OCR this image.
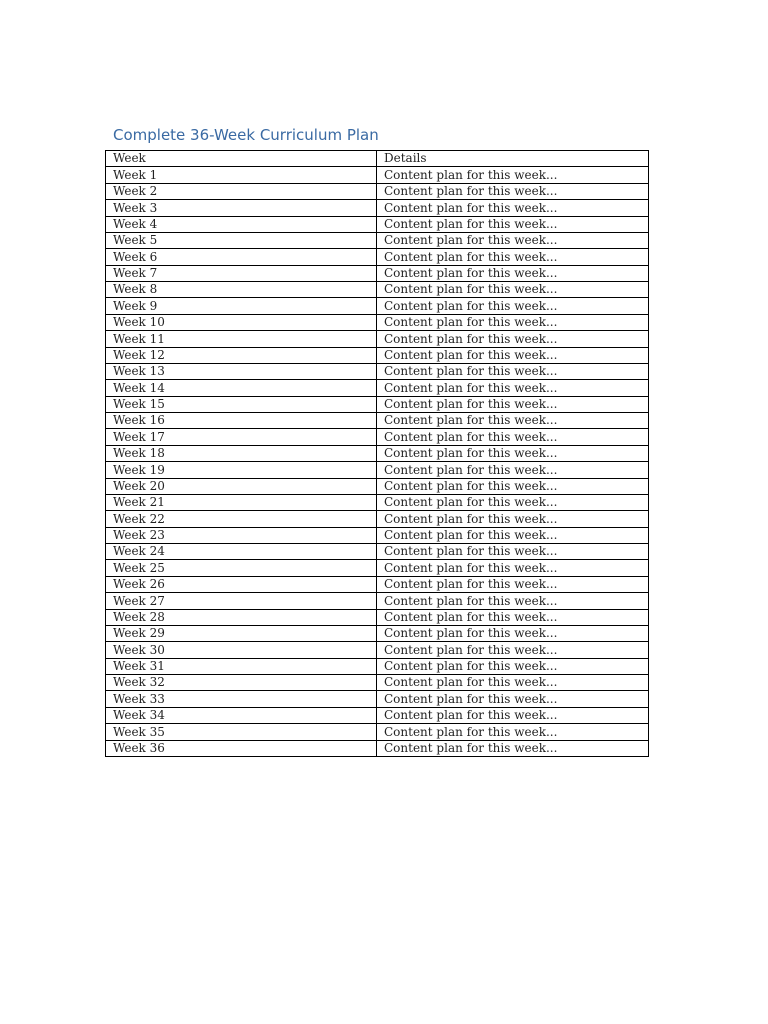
Complete 36-Week Curriculum Plan
Week	Details
Week 1	Content plan for this week...
Week 2	Content plan for this week...
Week 3	Content plan for this week...
Week 4	Content plan for this week...
Week 5	Content plan for this week...
Week 6	Content plan for this week...
Week 7	Content plan for this week...
Week 8	Content plan for this week...
Week 9	Content plan for this week...
Week 10	Content plan for this week...
Week 11	Content plan for this week...
Week 12	Content plan for this week...
Week 13	Content plan for this week...
Week 14	Content plan for this week...
Week 15	Content plan for this week...
Week 16	Content plan for this week...
Week 17	Content plan for this week...
Week 18	Content plan for this week...
Week 19	Content plan for this week...
Week 20	Content plan for this week...
Week 21	Content plan for this week...
Week 22	Content plan for this week...
Week 23	Content plan for this week...
Week 24	Content plan for this week...
Week 25	Content plan for this week...
Week 26	Content plan for this week...
Week 27	Content plan for this week...
Week 28	Content plan for this week...
Week 29	Content plan for this week...
Week 30	Content plan for this week...
Week 31	Content plan for this week...
Week 32	Content plan for this week...
Week 33	Content plan for this week...
Week 34	Content plan for this week...
Week 35	Content plan for this week...
Week 36	Content plan for this week...
